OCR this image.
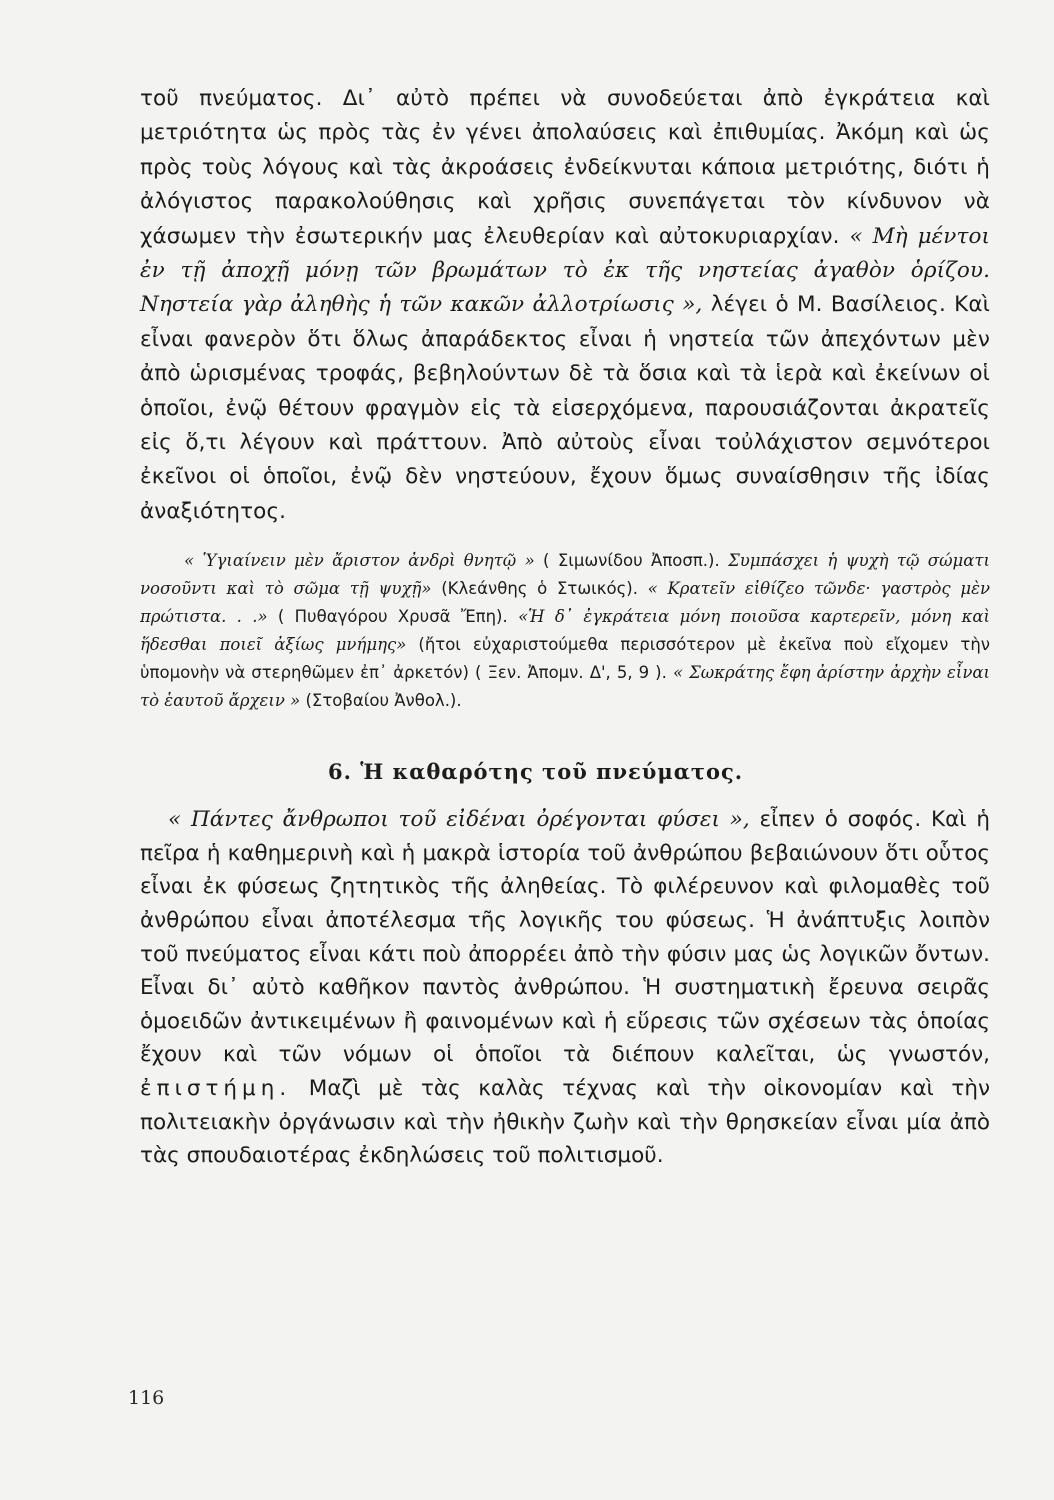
τοῦ πνεύματος. Δι᾽ αὐτὸ πρέπει νὰ συνοδεύεται ἀπὸ ἐγκράτεια καὶ μετριότητα ὡς πρὸς τὰς ἐν γένει ἀπολαύσεις καὶ ἐπιθυμίας. Ἀκόμη καὶ ὡς πρὸς τοὺς λόγους καὶ τὰς ἀκροάσεις ἐνδείκνυται κάποια μετριότης, διότι ἡ ἀλόγιστος παρακολούθησις καὶ χρῆσις συνεπάγεται τὸν κίνδυνον νὰ χάσωμεν τὴν ἐσωτερικήν μας ἐλευθερίαν καὶ αὐτοκυριαρχίαν. « Μὴ μέντοι ἐν τῇ ἀποχῇ μόνῃ τῶν βρωμάτων τὸ ἐκ τῆς νηστείας ἀγαθὸν ὁρίζου. Νηστεία γὰρ ἀληθὴς ἡ τῶν κακῶν ἀλλοτρίωσις », λέγει ὁ Μ. Βασίλειος. Καὶ εἶναι φανερὸν ὅτι ὅλως ἀπαράδεκτος εἶναι ἡ νηστεία τῶν ἀπεχόντων μὲν ἀπὸ ὡρισμένας τροφάς, βεβηλούντων δὲ τὰ ὅσια καὶ τὰ ἱερὰ καὶ ἐκείνων οἱ ὁποῖοι, ἐνῷ θέτουν φραγμὸν εἰς τὰ εἰσερχόμενα, παρουσιάζονται ἀκρατεῖς εἰς ὅ,τι λέγουν καὶ πράττουν. Ἀπὸ αὐτοὺς εἶναι τοὐλάχιστον σεμνότεροι ἐκεῖνοι οἱ ὁποῖοι, ἐνῷ δὲν νηστεύουν, ἔχουν ὅμως συναίσθησιν τῆς ἰδίας ἀναξιότητος.

« Ὑγιαίνειν μὲν ἄριστον ἀνδρὶ θνητῷ » ( Σιμωνίδου Ἀποσπ.). Συμπάσχει ἡ ψυχὴ τῷ σώματι νοσοῦντι καὶ τὸ σῶμα τῇ ψυχῇ» (Κλεάνθης ὁ Στωικός). « Κρατεῖν εἰθίζεο τῶνδε· γαστρὸς μὲν πρώτιστα. . .» ( Πυθαγόρου Χρυσᾶ Ἔπη). «Ἡ δ᾽ ἐγκράτεια μόνη ποιοῦσα καρτερεῖν, μόνη καὶ ἥδεσθαι ποιεῖ ἀξίως μνήμης» (ἤτοι εὐχαριστούμεθα περισσότερον μὲ ἐκεῖνα ποὺ εἴχομεν τὴν ὑπομονὴν νὰ στερηθῶμεν ἐπ᾽ ἀρκετόν) ( Ξεν. Ἀπομν. Δ', 5, 9 ). « Σωκράτης ἔφη ἀρίστην ἀρχὴν εἶναι τὸ ἑαυτοῦ ἄρχειν » (Στοβαίου Ἀνθολ.).

6. Ἡ καθαρότης τοῦ πνεύματος.

« Πάντες ἄνθρωποι τοῦ εἰδέναι ὀρέγονται φύσει », εἶπεν ὁ σοφός. Καὶ ἡ πεῖρα ἡ καθημερινὴ καὶ ἡ μακρὰ ἱστορία τοῦ ἀνθρώπου βεβαιώνουν ὅτι οὗτος εἶναι ἐκ φύσεως ζητητικὸς τῆς ἀληθείας. Τὸ φιλέρευνον καὶ φιλομαθὲς τοῦ ἀνθρώπου εἶναι ἀποτέλεσμα τῆς λογικῆς του φύσεως. Ἡ ἀνάπτυξις λοιπὸν τοῦ πνεύματος εἶναι κάτι ποὺ ἀπορρέει ἀπὸ τὴν φύσιν μας ὡς λογικῶν ὄντων. Εἶναι δι᾽ αὐτὸ καθῆκον παντὸς ἀνθρώπου. Ἡ συστηματικὴ ἔρευνα σειρᾶς ὁμοειδῶν ἀντικειμένων ἢ φαινομένων καὶ ἡ εὕρεσις τῶν σχέσεων τὰς ὁποίας ἔχουν καὶ τῶν νόμων οἱ ὁποῖοι τὰ διέπουν καλεῖται, ὡς γνωστόν, ἐπιστήμη. Μαζὶ μὲ τὰς καλὰς τέχνας καὶ τὴν οἰκονομίαν καὶ τὴν πολιτειακὴν ὀργάνωσιν καὶ τὴν ἠθικὴν ζωὴν καὶ τὴν θρησκείαν εἶναι μία ἀπὸ τὰς σπουδαιοτέρας ἐκδηλώσεις τοῦ πολιτισμοῦ.

116
